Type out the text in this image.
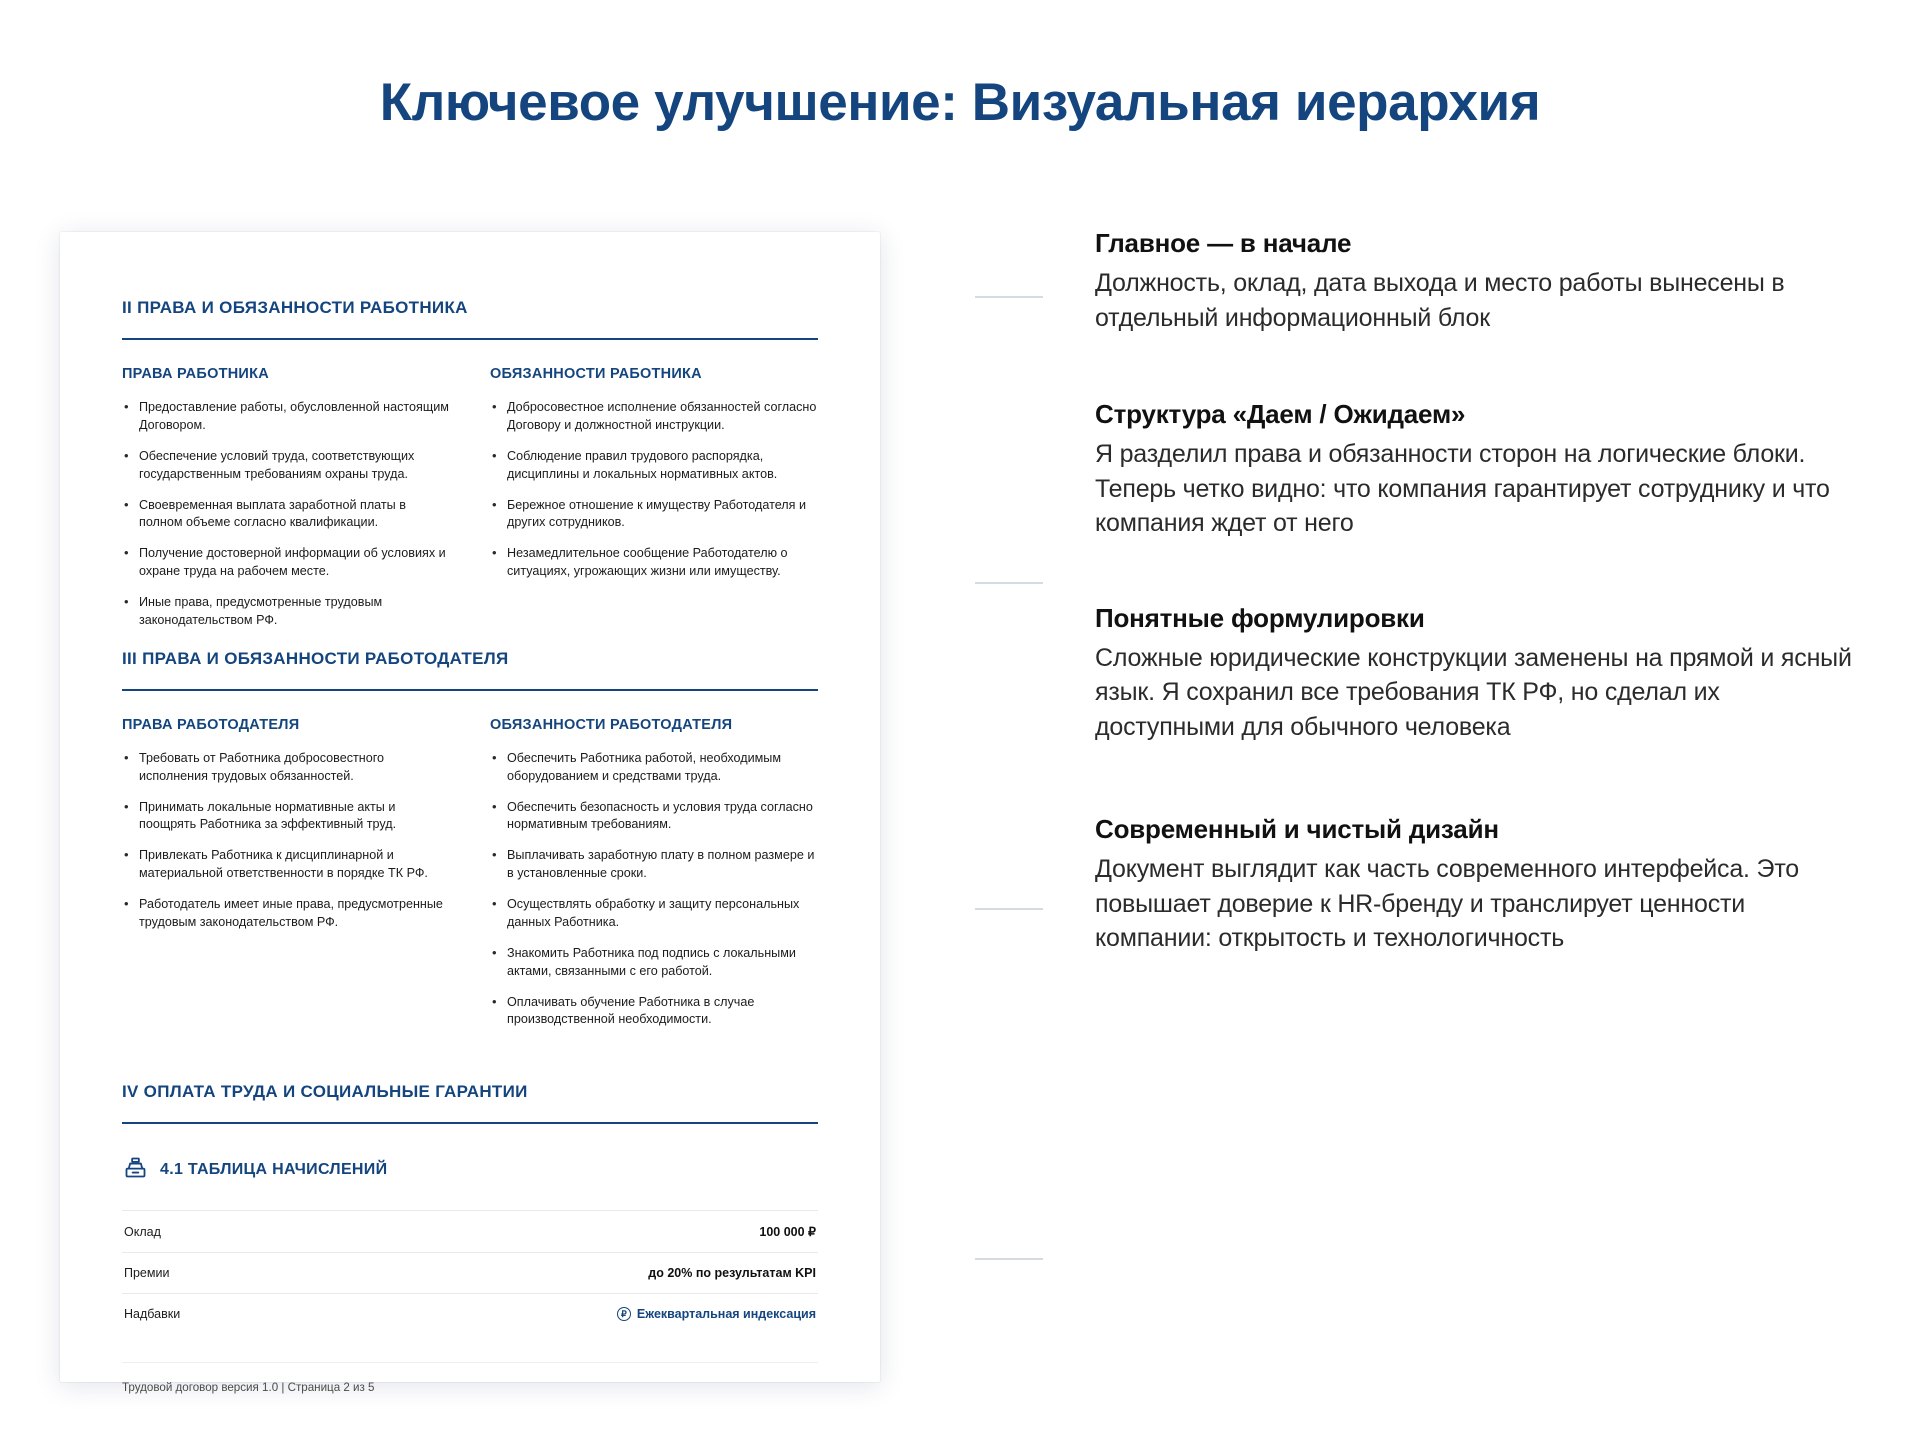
Ключевое улучшение: Визуальная иерархия
II ПРАВА И ОБЯЗАННОСТИ РАБОТНИКА
ПРАВА РАБОТНИКА
• Предоставление работы, обусловленной настоящим Договором.
• Обеспечение условий труда, соответствующих государственным требованиям охраны труда.
• Своевременная выплата заработной платы в полном объеме согласно квалификации.
• Получение достоверной информации об условиях и охране труда на рабочем месте.
• Иные права, предусмотренные трудовым законодательством РФ.
ОБЯЗАННОСТИ РАБОТНИКА
• Добросовестное исполнение обязанностей согласно Договору и должностной инструкции.
• Соблюдение правил трудового распорядка, дисциплины и локальных нормативных актов.
• Бережное отношение к имуществу Работодателя и других сотрудников.
• Незамедлительное сообщение Работодателю о ситуациях, угрожающих жизни или имуществу.
III ПРАВА И ОБЯЗАННОСТИ РАБОТОДАТЕЛЯ
ПРАВА РАБОТОДАТЕЛЯ
• Требовать от Работника добросовестного исполнения трудовых обязанностей.
• Принимать локальные нормативные акты и поощрять Работника за эффективный труд.
• Привлекать Работника к дисциплинарной и материальной ответственности в порядке ТК РФ.
• Работодатель имеет иные права, предусмотренные трудовым законодательством РФ.
ОБЯЗАННОСТИ РАБОТОДАТЕЛЯ
• Обеспечить Работника работой, необходимым оборудованием и средствами труда.
• Обеспечить безопасность и условия труда согласно нормативным требованиям.
• Выплачивать заработную плату в полном размере и в установленные сроки.
• Осуществлять обработку и защиту персональных данных Работника.
• Знакомить Работника под подпись с локальными актами, связанными с его работой.
• Оплачивать обучение Работника в случае производственной необходимости.
IV ОПЛАТА ТРУДА И СОЦИАЛЬНЫЕ ГАРАНТИИ
4.1 ТАБЛИЦА НАЧИСЛЕНИЙ
Оклад	100 000 ₽
Премии	до 20% по результатам KPI
Надбавки	₽ Ежеквартальная индексация
Трудовой договор версия 1.0 | Страница 2 из 5
Главное — в начале
Должность, оклад, дата выхода и место работы вынесены в отдельный информационный блок
Структура «Даем / Ожидаем»
Я разделил права и обязанности сторон на логические блоки. Теперь четко видно: что компания гарантирует сотруднику и что компания ждет от него
Понятные формулировки
Сложные юридические конструкции заменены на прямой и ясный язык. Я сохранил все требования ТК РФ, но сделал их доступными для обычного человека
Современный и чистый дизайн
Документ выглядит как часть современного интерфейса. Это повышает доверие к HR-бренду и транслирует ценности компании: открытость и технологичность
